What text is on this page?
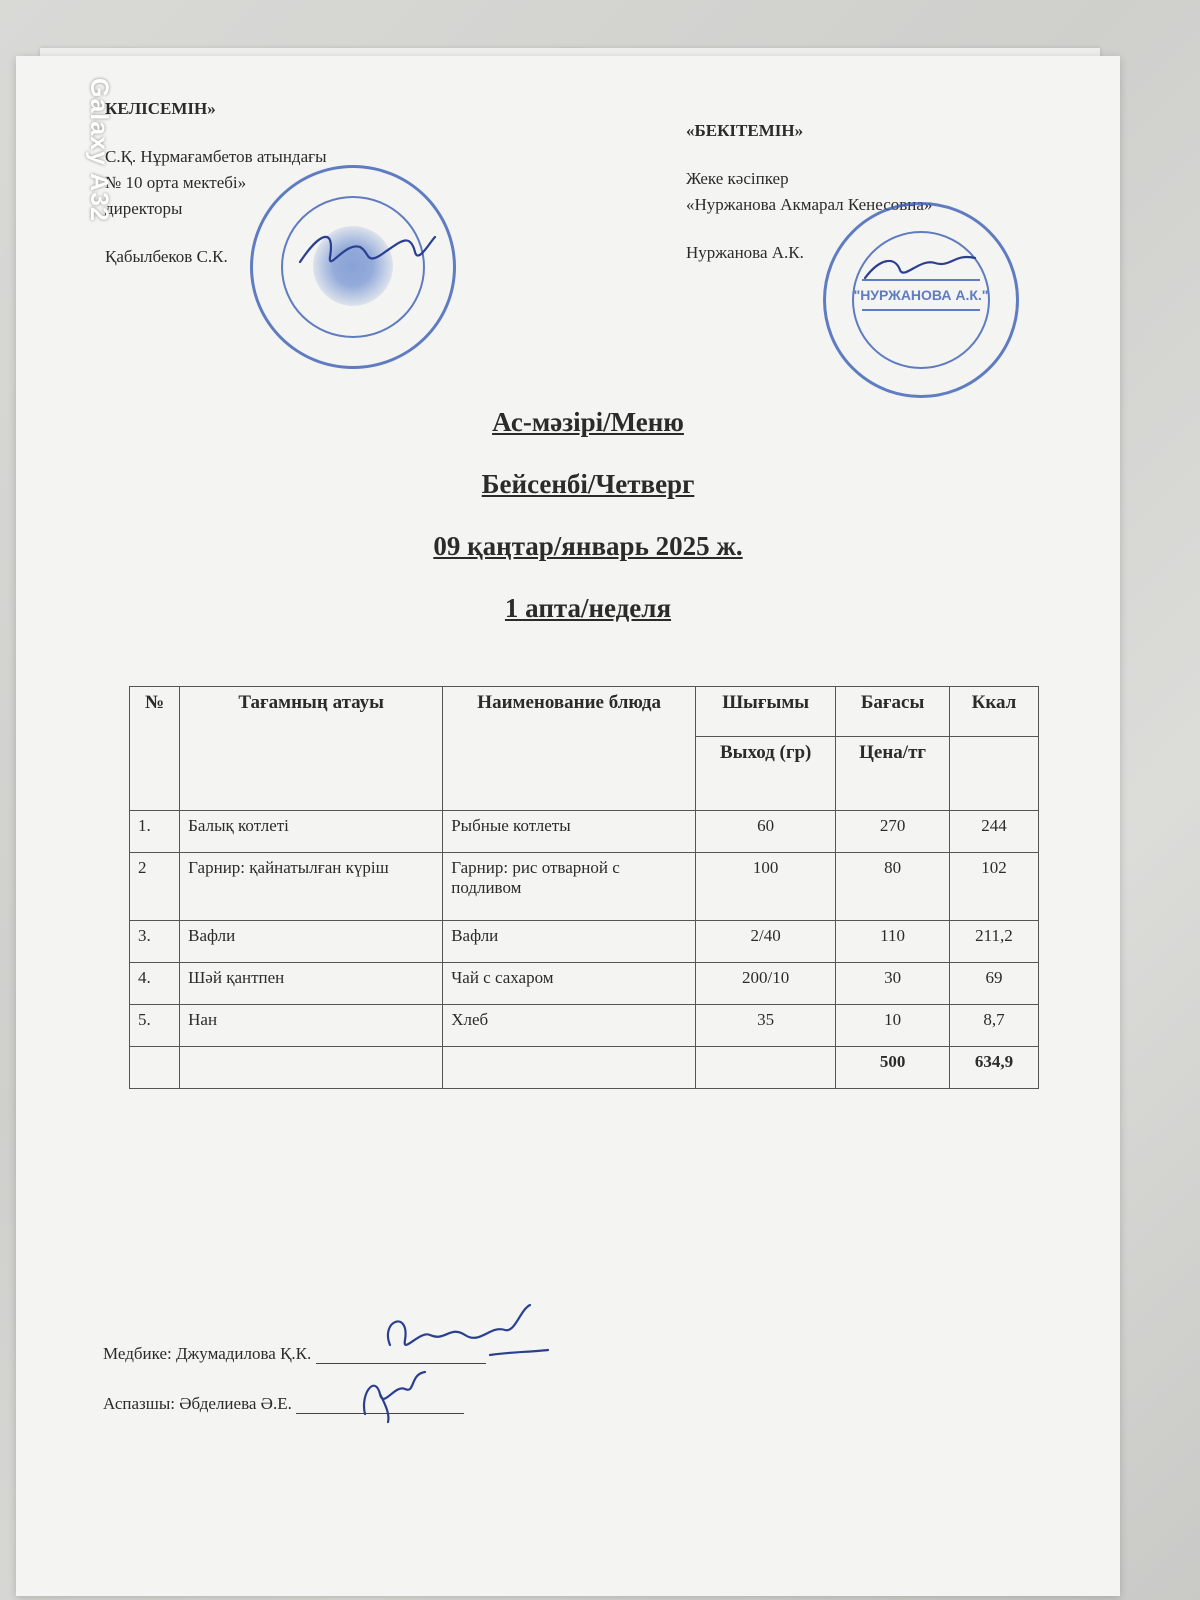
КЕЛІСЕМІН»
С.Қ. Нұрмағамбетов атындағы
№ 10 орта мектебі»
директоры
Қабылбеков С.К.
«БЕКІТЕМІН»
Жеке кәсіпкер
«Нуржанова Акмарал Кенесовна»
Нуржанова А.К.
"НУРЖАНОВА А.К."
Ас-мәзірі/Меню
Бейсенбі/Четверг
09 қаңтар/январь 2025 ж.
1 апта/неделя
№	Тағамның атауы	Наименование блюда	Шығымы	Бағасы	Ккал
			Выход (гр)	Цена/тг	
1.	Балық котлеті	Рыбные котлеты	60	270	244
2	Гарнир: қайнатылған күріш	Гарнир: рис отварной с подливом	100	80	102
3.	Вафли	Вафли	2/40	110	211,2
4.	Шәй қантпен	Чай с сахаром	200/10	30	69
5.	Нан	Хлеб	35	10	8,7
				500	634,9
Медбике: Джумадилова Қ.К.
Аспазшы: Әбделиева Ә.Е.
Galaxy A32
